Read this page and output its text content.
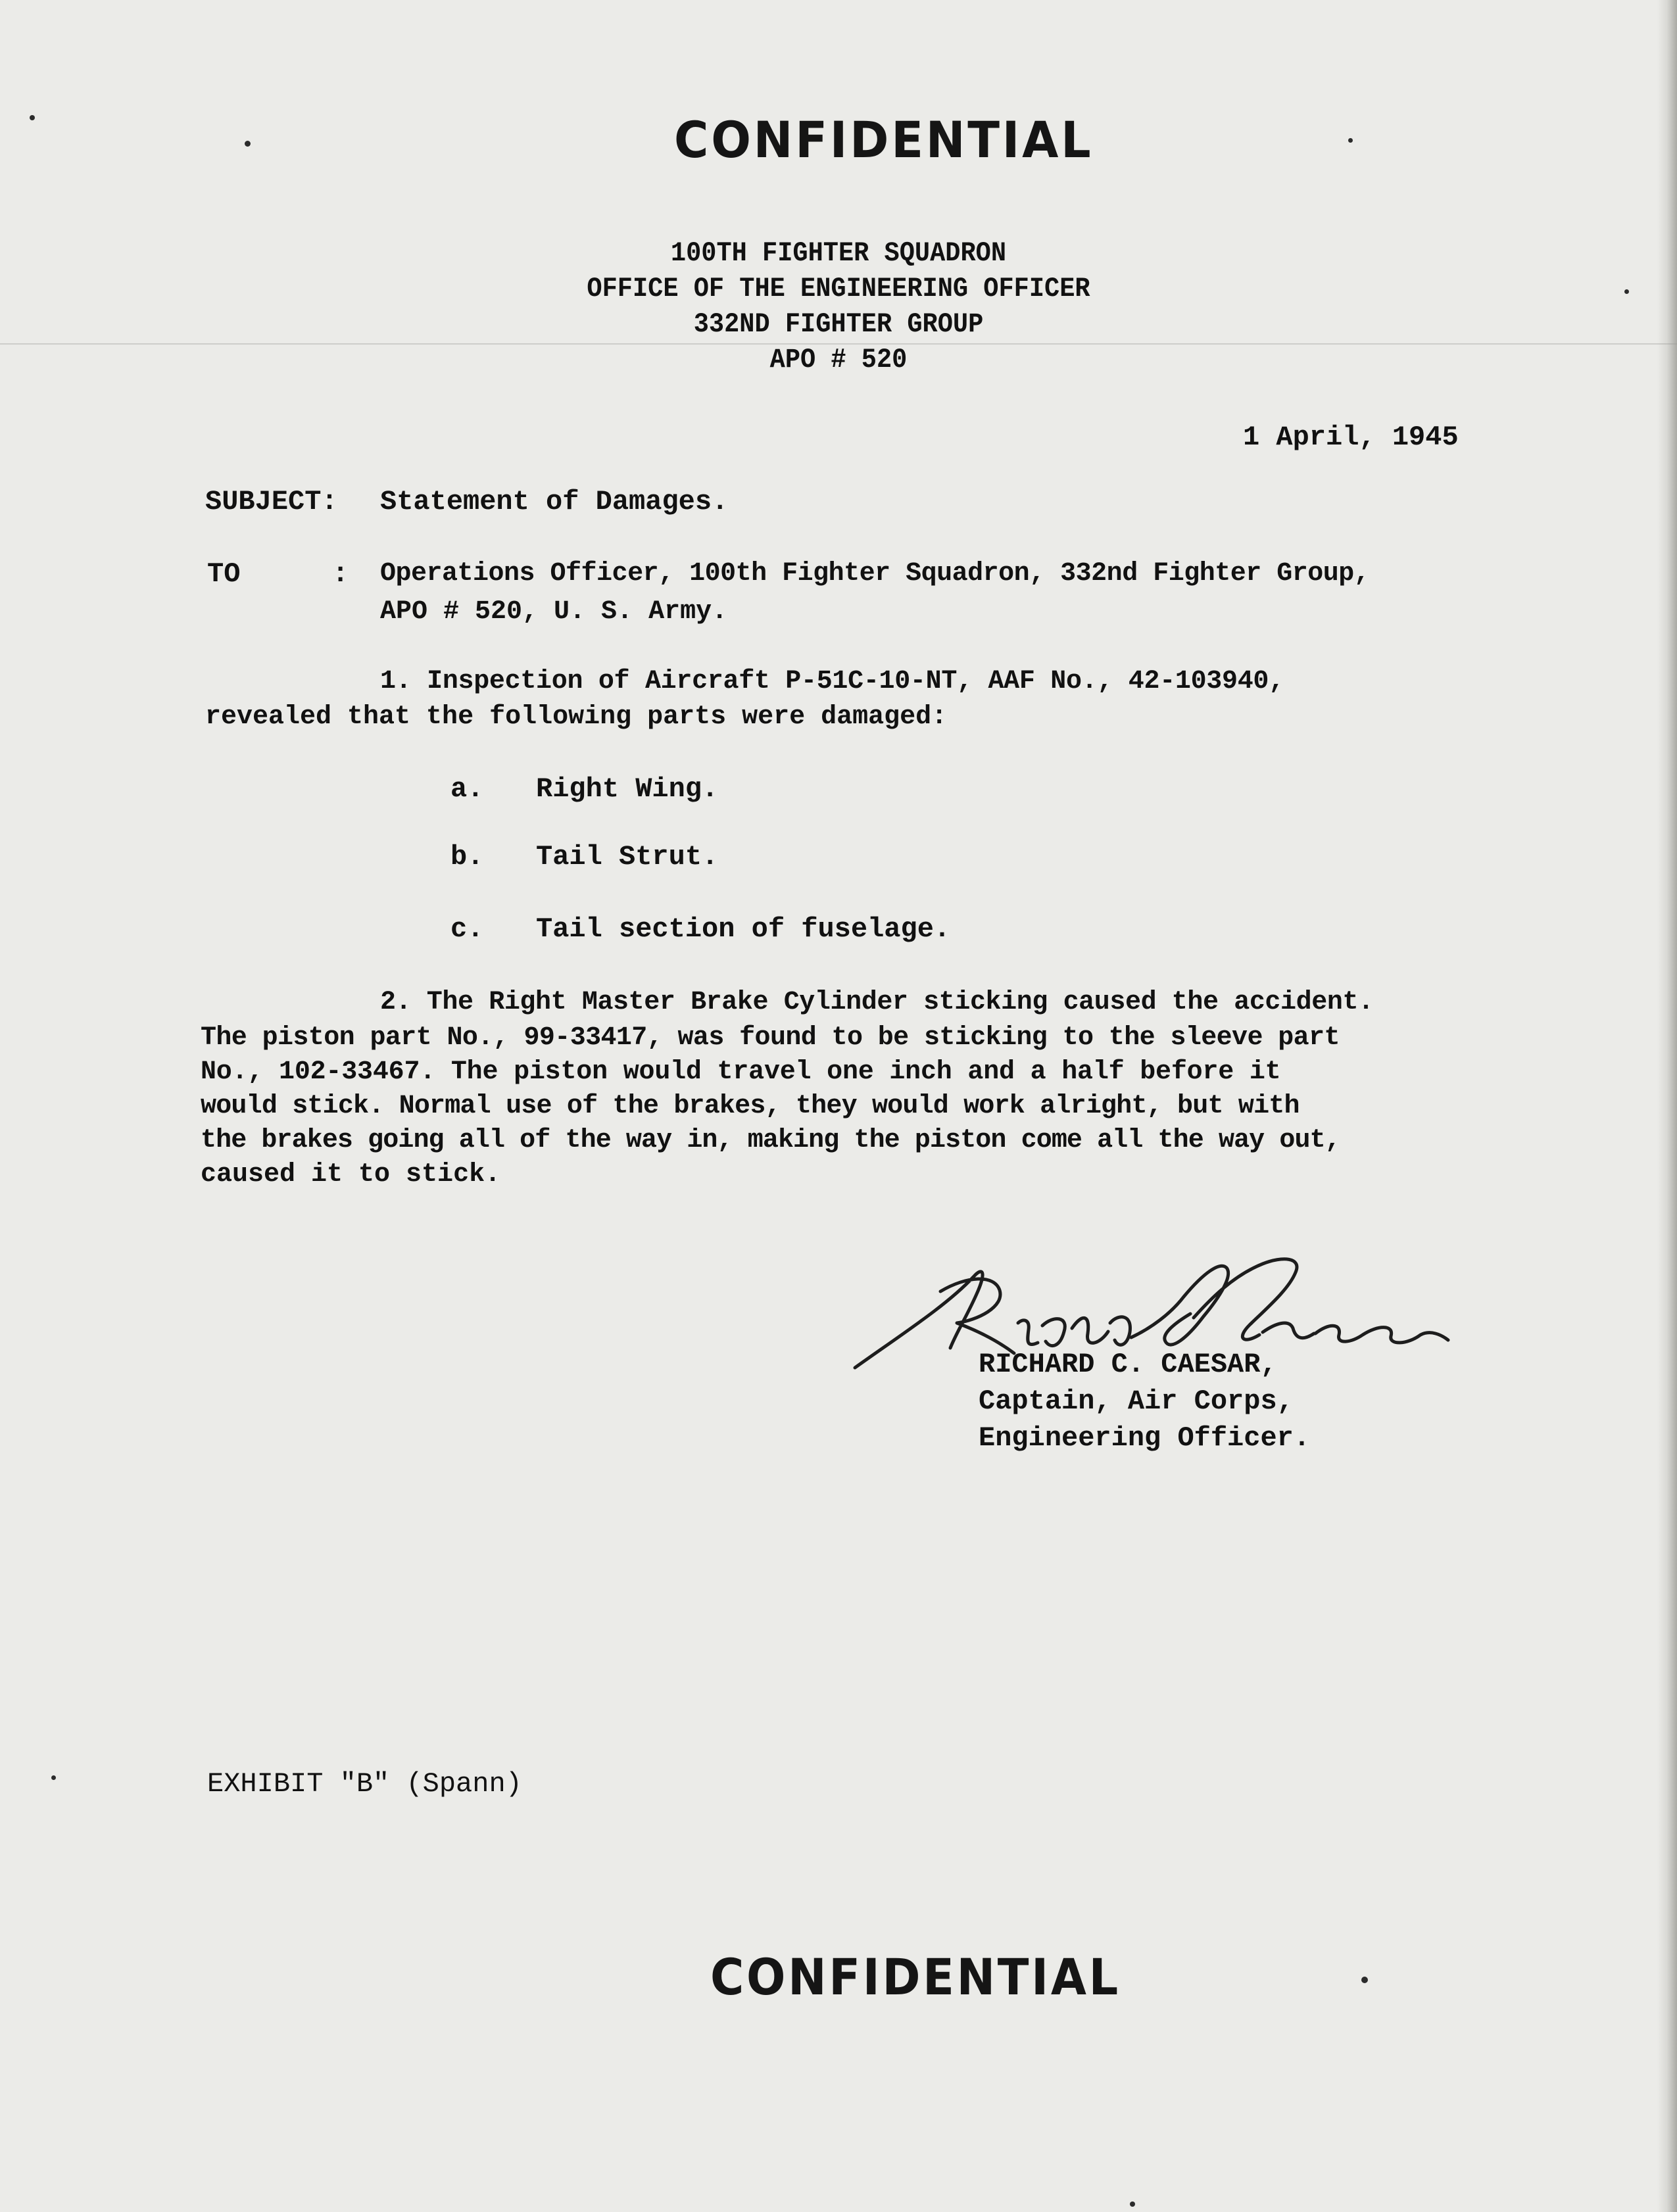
CONFIDENTIAL
100TH FIGHTER SQUADRON
OFFICE OF THE ENGINEERING OFFICER
332ND FIGHTER GROUP
APO # 520
1 April, 1945
SUBJECT: Statement of Damages.
TO	: Operations Officer, 100th Fighter Squadron, 332nd Fighter Group,
APO # 520, U. S. Army.
1. Inspection of Aircraft P-51C-10-NT, AAF No., 42-103940,
revealed that the following parts were damaged:
a. Right Wing.
b. Tail Strut.
c. Tail section of fuselage.
2. The Right Master Brake Cylinder sticking caused the accident.
The piston part No., 99-33417, was found to be sticking to the sleeve part
No., 102-33467. The piston would travel one inch and a half before it
would stick. Normal use of the brakes, they would work alright, but with
the brakes going all of the way in, making the piston come all the way out,
caused it to stick.
Richard C. Caesar
RICHARD C. CAESAR,
Captain, Air Corps,
Engineering Officer.
EXHIBIT "B" (Spann)
CONFIDENTIAL
